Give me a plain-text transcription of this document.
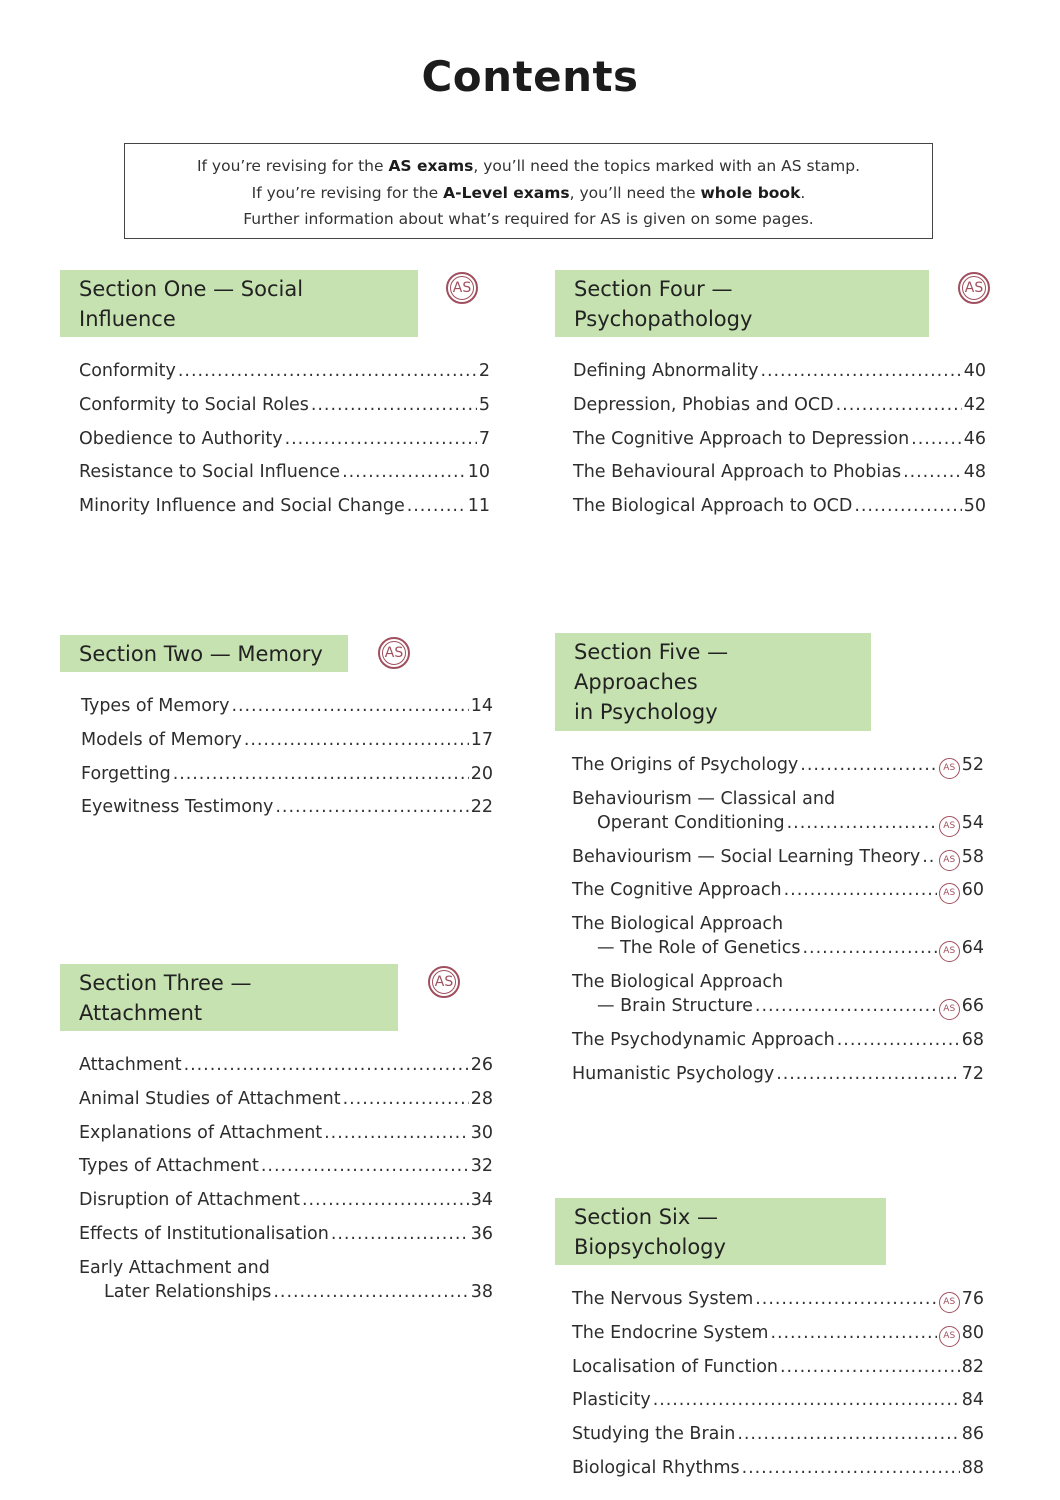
Contents
If you’re revising for the AS exams, you’ll need the topics marked with an AS stamp.
If you’re revising for the A-Level exams, you’ll need the whole book.
Further information about what’s required for AS is given on some pages.
Section One — Social Influence
AS
Conformity . . .	2
Conformity to Social Roles . . .	5
Obedience to Authority . . .	7
Resistance to Social Influence . . .	10
Minority Influence and Social Change . . .	11
Section Two — Memory	AS
Types of Memory . . .	14
Models of Memory . . .	17
Forgetting . . .	20
Eyewitness Testimony . . .	22
Section Three — Attachment
AS
Attachment . . .	26
Animal Studies of Attachment . . .	28
Explanations of Attachment . . .	30
Types of Attachment . . .	32
Disruption of Attachment . . .	34
Effects of Institutionalisation . . .	36
Early Attachment and
Later Relationships . . .	38
Section Four — Psychopathology
AS
Defining Abnormality . . .	40
Depression, Phobias and OCD . . .	42
The Cognitive Approach to Depression . . .	46
The Behavioural Approach to Phobias . . .	48
The Biological Approach to OCD . . .	50
Section Five — Approaches
in Psychology
The Origins of Psychology . . .	AS 52
Behaviourism — Classical and
Operant Conditioning . . .	AS 54
Behaviourism — Social Learning Theory . . .	AS 58
The Cognitive Approach . . .	AS 60
The Biological Approach
— The Role of Genetics . . .	AS 64
The Biological Approach
— Brain Structure . . .	AS 66
The Psychodynamic Approach . . .	68
Humanistic Psychology . . .	72
Section Six — Biopsychology
The Nervous System . . .	AS 76
The Endocrine System . . .	AS 80
Localisation of Function . . .	82
Plasticity . . .	84
Studying the Brain . . .	86
Biological Rhythms . . .	88
